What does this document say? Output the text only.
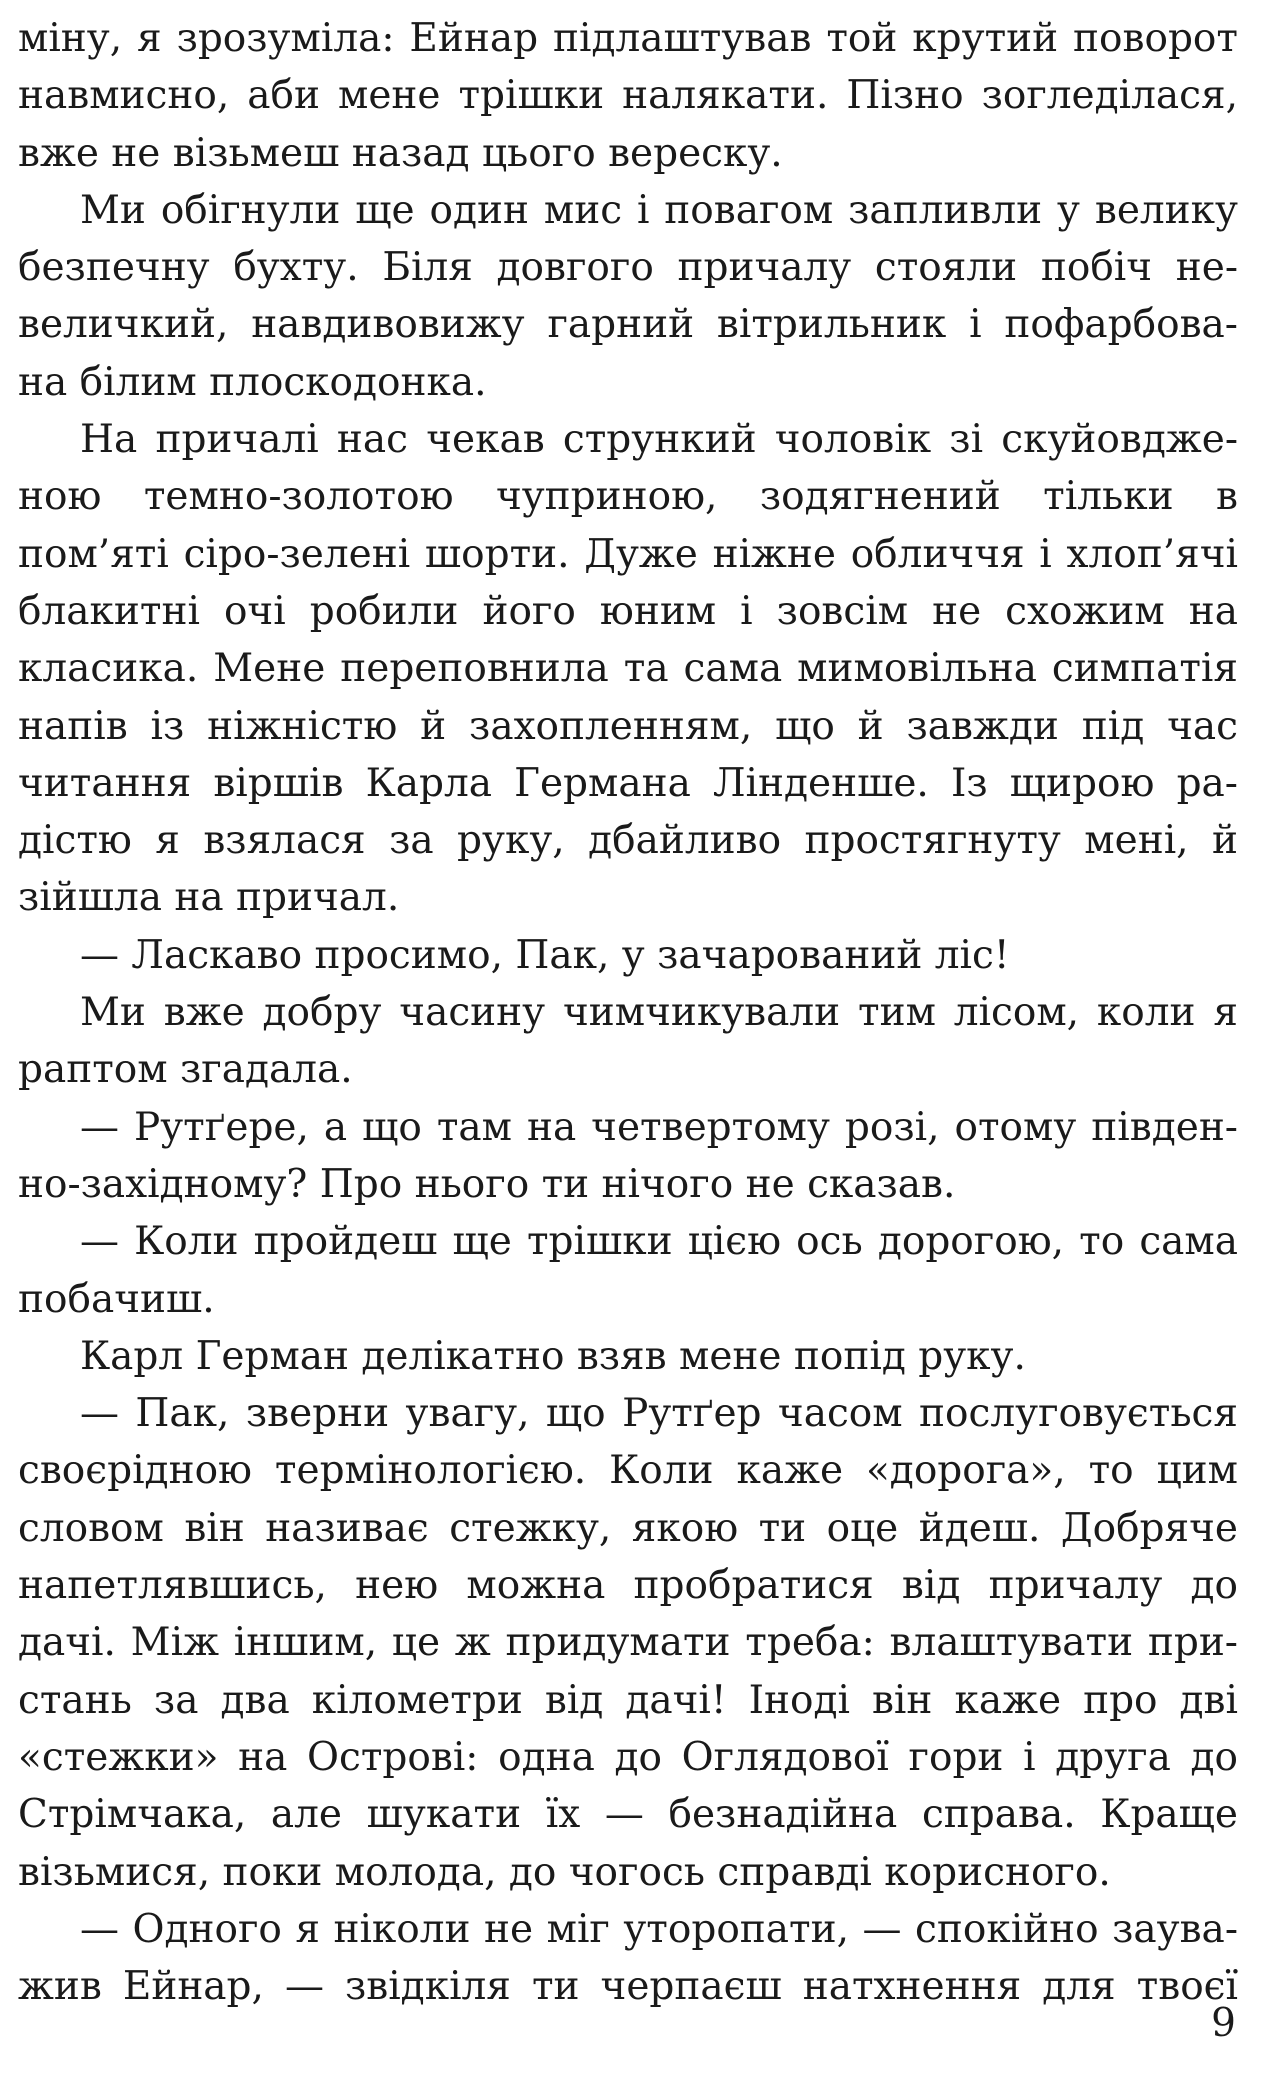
міну, я зрозуміла: Ейнар підлаштував той крутий поворот
навмисно, аби мене трішки налякати. Пізно зогледілася,
вже не візьмеш назад цього вереску.
Ми обігнули ще один мис і повагом запливли у велику
безпечну бухту. Біля довгого причалу стояли побіч не-
величкий, навдивовижу гарний вітрильник і пофарбова-
на білим плоскодонка.
На причалі нас чекав стрункий чоловік зі скуйовдже-
ною темно-золотою чуприною, зодягнений тільки в
пом’яті сіро-зелені шорти. Дуже ніжне обличчя і хлоп’ячі
блакитні очі робили його юним і зовсім не схожим на
класика. Мене переповнила та сама мимовільна симпатія
напів із ніжністю й захопленням, що й завжди під час
читання віршів Карла Германа Лінденше. Із щирою ра-
дістю я взялася за руку, дбайливо простягнуту мені, й
зійшла на причал.
— Ласкаво просимо, Пак, у зачарований ліс!
Ми вже добру часину чимчикували тим лісом, коли я
раптом згадала.
— Рутґере, а що там на четвертому розі, отому півден-
но-західному? Про нього ти нічого не сказав.
— Коли пройдеш ще трішки цією ось дорогою, то сама
побачиш.
Карл Герман делікатно взяв мене попід руку.
— Пак, зверни увагу, що Рутґер часом послуговується
своєрідною термінологією. Коли каже «дорога», то цим
словом він називає стежку, якою ти оце йдеш. Добряче
напетлявшись, нею можна пробратися від причалу до
дачі. Між іншим, це ж придумати треба: влаштувати при-
стань за два кілометри від дачі! Іноді він каже про дві
«стежки» на Острові: одна до Оглядової гори і друга до
Стрімчака, але шукати їх — безнадійна справа. Краще
візьмися, поки молода, до чогось справді корисного.
— Одного я ніколи не міг уторопати, — спокійно заува-
жив Ейнар, — звідкіля ти черпаєш натхнення для твоєї
9
